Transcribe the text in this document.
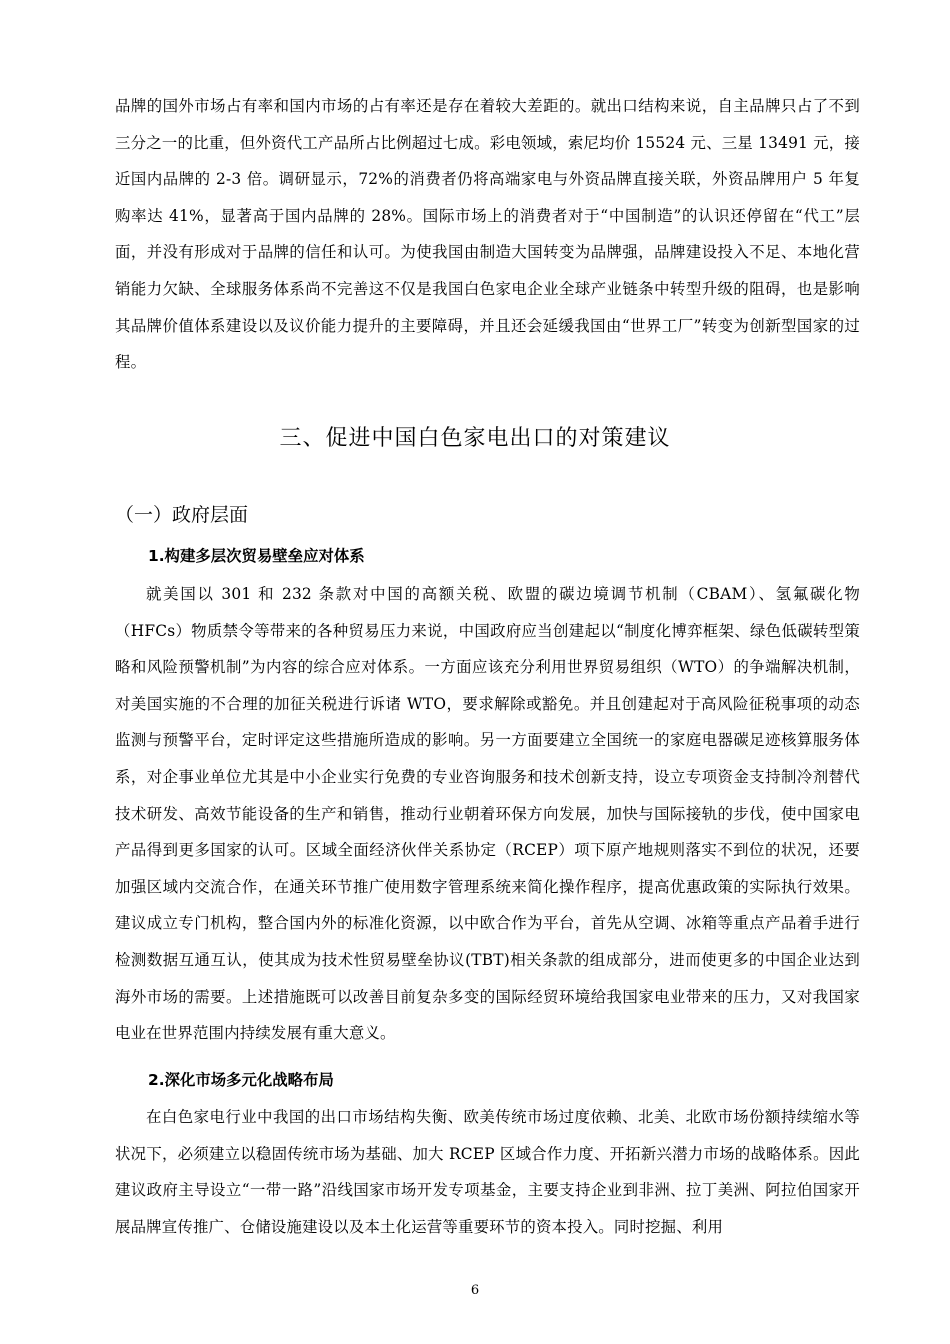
品牌的国外市场占有率和国内市场的占有率还是存在着较大差距的。就出口结构来说，自主品牌只占了不到三分之一的比重，但外资代工产品所占比例超过七成。彩电领域，索尼均价 15524 元、三星 13491 元，接近国内品牌的 2-3 倍。调研显示，72%的消费者仍将高端家电与外资品牌直接关联，外资品牌用户 5 年复购率达 41%，显著高于国内品牌的 28%。国际市场上的消费者对于“中国制造”的认识还停留在“代工”层面，并没有形成对于品牌的信任和认可。为使我国由制造大国转变为品牌强，品牌建设投入不足、本地化营销能力欠缺、全球服务体系尚不完善这不仅是我国白色家电企业全球产业链条中转型升级的阻碍，也是影响其品牌价值体系建设以及议价能力提升的主要障碍，并且还会延缓我国由“世界工厂”转变为创新型国家的过程。

三、促进中国白色家电出口的对策建议
（一）政府层面
1.构建多层次贸易壁垒应对体系

就美国以 301 和 232 条款对中国的高额关税、欧盟的碳边境调节机制（CBAM）、氢氟碳化物（HFCs）物质禁令等带来的各种贸易压力来说，中国政府应当创建起以“制度化博弈框架、绿色低碳转型策略和风险预警机制”为内容的综合应对体系。一方面应该充分利用世界贸易组织（WTO）的争端解决机制，对美国实施的不合理的加征关税进行诉诸 WTO，要求解除或豁免。并且创建起对于高风险征税事项的动态监测与预警平台，定时评定这些措施所造成的影响。另一方面要建立全国统一的家庭电器碳足迹核算服务体系，对企事业单位尤其是中小企业实行免费的专业咨询服务和技术创新支持，设立专项资金支持制冷剂替代技术研发、高效节能设备的生产和销售，推动行业朝着环保方向发展，加快与国际接轨的步伐，使中国家电产品得到更多国家的认可。区域全面经济伙伴关系协定（RCEP）项下原产地规则落实不到位的状况，还要加强区域内交流合作，在通关环节推广使用数字管理系统来简化操作程序，提高优惠政策的实际执行效果。建议成立专门机构，整合国内外的标准化资源，以中欧合作为平台，首先从空调、冰箱等重点产品着手进行检测数据互通互认，使其成为技术性贸易壁垒协议(TBT)相关条款的组成部分，进而使更多的中国企业达到海外市场的需要。上述措施既可以改善目前复杂多变的国际经贸环境给我国家电业带来的压力，又对我国家电业在世界范围内持续发展有重大意义。

2.深化市场多元化战略布局

在白色家电行业中我国的出口市场结构失衡、欧美传统市场过度依赖、北美、北欧市场份额持续缩水等状况下，必须建立以稳固传统市场为基础、加大 RCEP 区域合作力度、开拓新兴潜力市场的战略体系。因此建议政府主导设立“一带一路”沿线国家市场开发专项基金，主要支持企业到非洲、拉丁美洲、阿拉伯国家开展品牌宣传推广、仓储设施建设以及本土化运营等重要环节的资本投入。同时挖掘、利用

6
